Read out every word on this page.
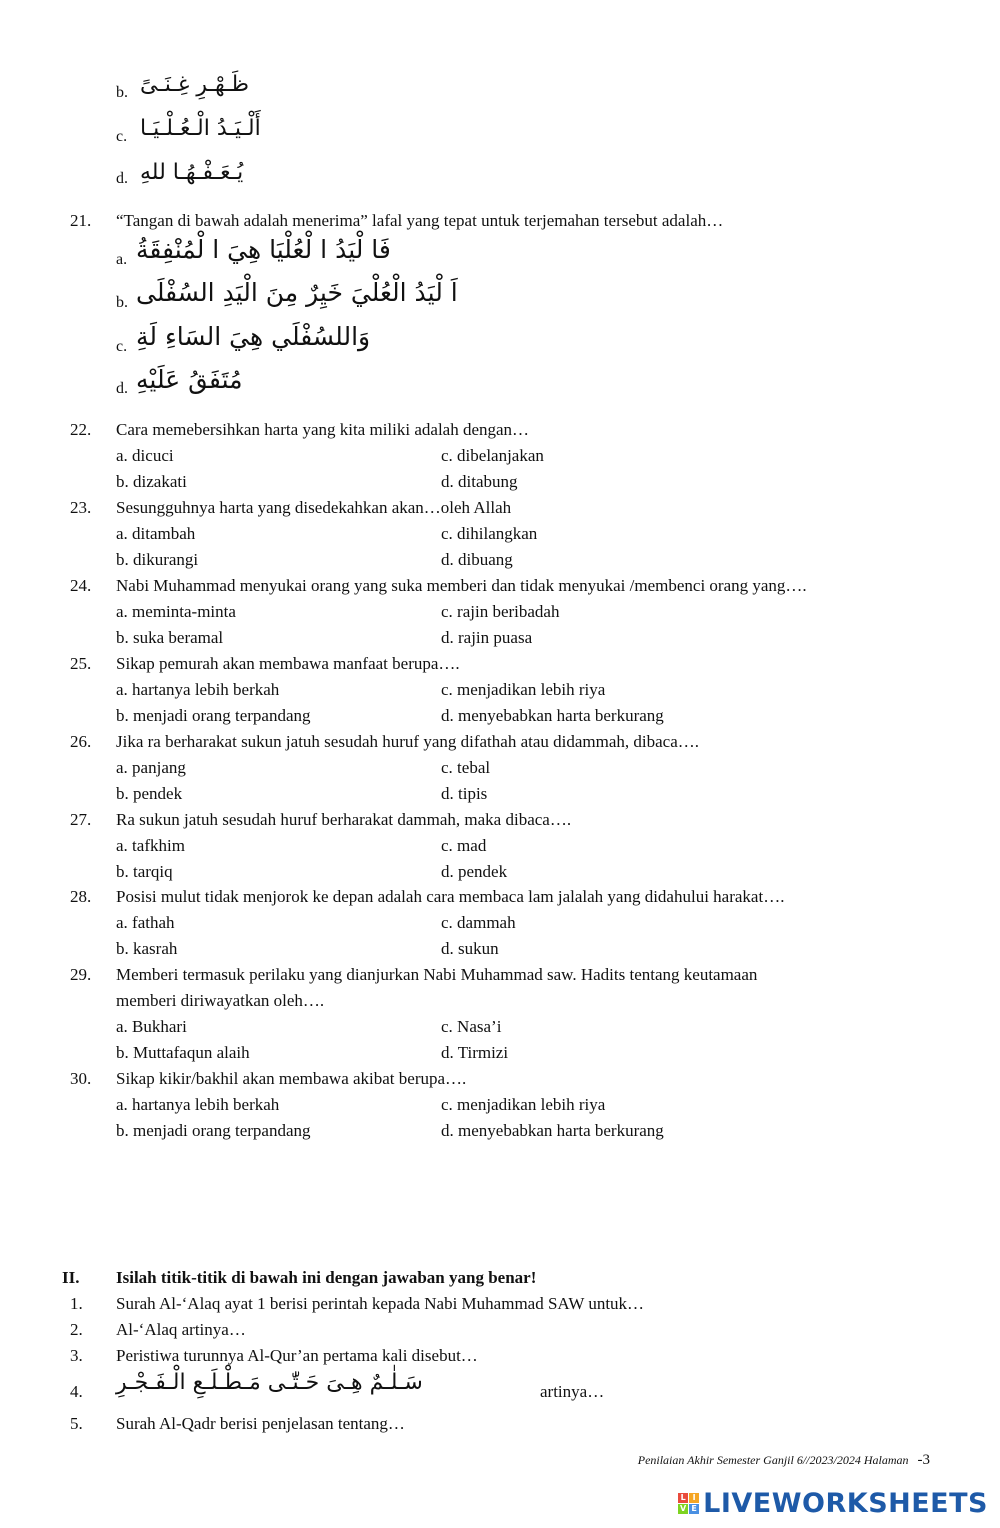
b. ظَـهْـرِ غِـنَـىً
c. أَلْـيَـدُ الْـعُـلْـيَـا
d. يُـعَـفْـهُـا للهِ
21. “Tangan di bawah adalah menerima” lafal yang tepat untuk terjemahan tersebut adalah…
a. فَا لْيَدُ ا لْعُلْيَا هِيَ ا لْمُنْفِقَةُ
b. اَ لْيَدُ الْعُلْيَ خَيِرٌ مِنَ الْيَدِ السُفْلَى
c. وَاللسُفْلَي هِيَ السَاءِ لَةِ
d. مُتَفَقُ عَلَيْهِ
22. Cara memebersihkan harta yang kita miliki adalah dengan…
a. dicuci	c. dibelanjakan
b. dizakati	d. ditabung
23. Sesungguhnya harta yang disedekahkan akan…oleh Allah
a. ditambah	c. dihilangkan
b. dikurangi	d. dibuang
24. Nabi Muhammad menyukai orang yang suka memberi dan tidak menyukai /membenci orang yang….
a. meminta-minta	c. rajin beribadah
b. suka beramal	d. rajin puasa
25. Sikap pemurah akan membawa manfaat berupa….
a. hartanya lebih berkah	c. menjadikan lebih riya
b. menjadi orang terpandang	d. menyebabkan harta berkurang
26. Jika ra berharakat sukun jatuh sesudah huruf yang difathah atau didammah, dibaca….
a. panjang	c. tebal
b. pendek	d. tipis
27. Ra sukun jatuh sesudah huruf berharakat dammah, maka dibaca….
a. tafkhim	c. mad
b. tarqiq	d. pendek
28. Posisi mulut tidak menjorok ke depan adalah cara membaca lam jalalah yang didahului harakat….
a. fathah	c. dammah
b. kasrah	d. sukun
29. Memberi termasuk perilaku yang dianjurkan Nabi Muhammad saw. Hadits tentang keutamaan
memberi diriwayatkan oleh….
a. Bukhari	c. Nasa’i
b. Muttafaqun alaih	d. Tirmizi
30. Sikap kikir/bakhil akan membawa akibat berupa….
a. hartanya lebih berkah	c. menjadikan lebih riya
b. menjadi orang terpandang	d. menyebabkan harta berkurang
II. Isilah titik-titik di bawah ini dengan jawaban yang benar!
1. Surah Al-‘Alaq ayat 1 berisi perintah kepada Nabi Muhammad SAW untuk…
2. Al-‘Alaq artinya…
3. Peristiwa turunnya Al-Qur’an pertama kali disebut…
4. سَـلٰـمٌ هِـىَ حَـتّٰـى مَـطْـلَـعِ الْـفَـجْـرِ	artinya…
5. Surah Al-Qadr berisi penjelasan tentang…
Penilaian Akhir Semester Ganjil 6//2023/2024 Halaman -3
L I
V E LIVEWORKSHEETS
